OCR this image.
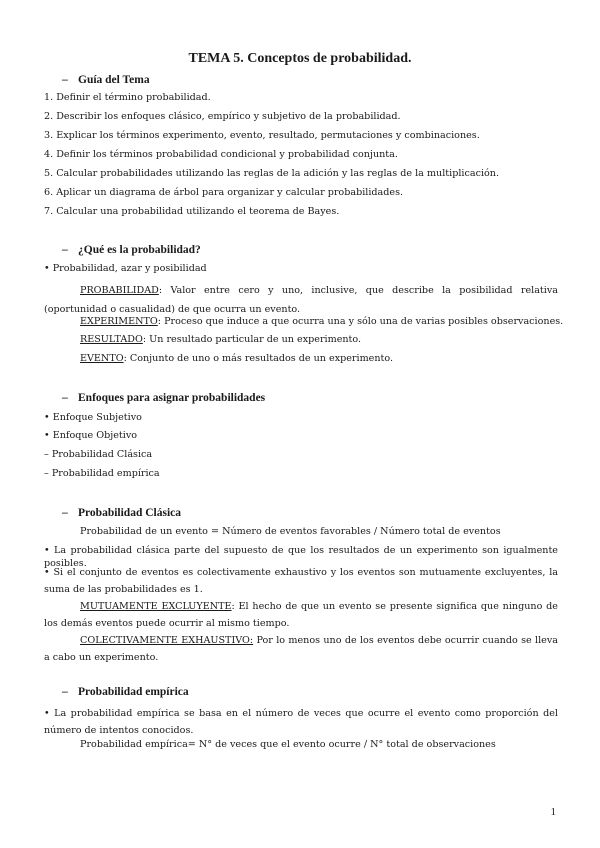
TEMA 5. Conceptos de probabilidad.
– Guía del Tema
1. Definir el término probabilidad.
2. Describir los enfoques clásico, empírico y subjetivo de la probabilidad.
3. Explicar los términos experimento, evento, resultado, permutaciones y combinaciones.
4. Definir los términos probabilidad condicional y probabilidad conjunta.
5. Calcular probabilidades utilizando las reglas de la adición y las reglas de la multiplicación.
6. Aplicar un diagrama de árbol para organizar y calcular probabilidades.
7. Calcular una probabilidad utilizando el teorema de Bayes.
– ¿Qué es la probabilidad?
• Probabilidad, azar y posibilidad
PROBABILIDAD: Valor entre cero y uno, inclusive, que describe la posibilidad relativa (oportunidad o casualidad) de que ocurra un evento.
EXPERIMENTO: Proceso que induce a que ocurra una y sólo una de varias posibles observaciones.
RESULTADO: Un resultado particular de un experimento.
EVENTO: Conjunto de uno o más resultados de un experimento.
– Enfoques para asignar probabilidades
• Enfoque Subjetivo
• Enfoque Objetivo
– Probabilidad Clásica
– Probabilidad empírica
– Probabilidad Clásica
Probabilidad de un evento = Número de eventos favorables / Número total de eventos
• La probabilidad clásica parte del supuesto de que los resultados de un experimento son igualmente posibles.
• Si el conjunto de eventos es colectivamente exhaustivo y los eventos son mutuamente excluyentes, la suma de las probabilidades es 1.
MUTUAMENTE EXCLUYENTE: El hecho de que un evento se presente significa que ninguno de los demás eventos puede ocurrir al mismo tiempo.
COLECTIVAMENTE EXHAUSTIVO: Por lo menos uno de los eventos debe ocurrir cuando se lleva a cabo un experimento.
– Probabilidad empírica
• La probabilidad empírica se basa en el número de veces que ocurre el evento como proporción del número de intentos conocidos.
Probabilidad empírica= N° de veces que el evento ocurre / N° total de observaciones
1
